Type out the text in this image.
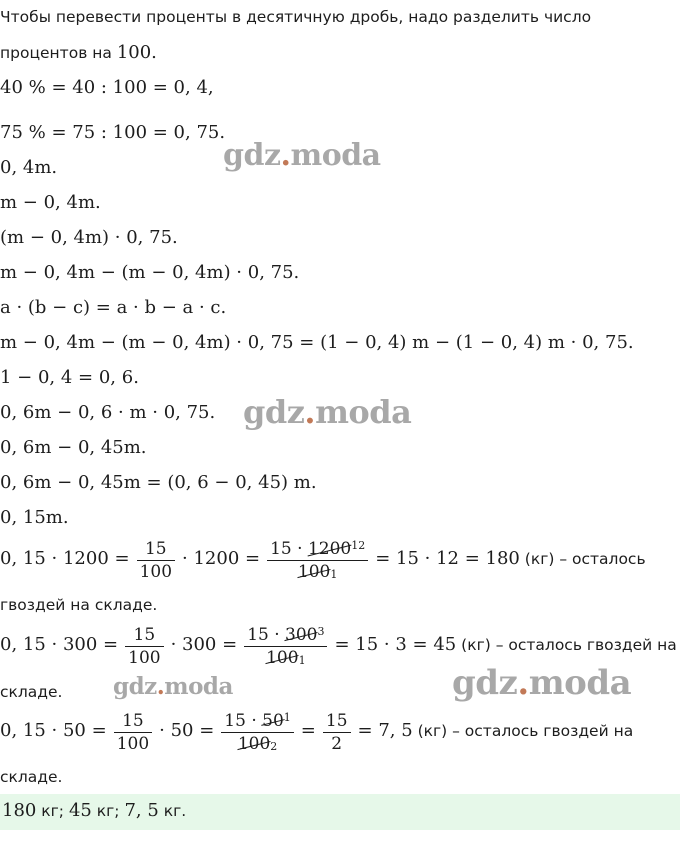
Чтобы перевести проценты в десятичную дробь, надо разделить число
процентов на 100.
40 % = 40 : 100 = 0, 4,
75 % = 75 : 100 = 0, 75.
0, 4m.
m − 0, 4m.
(m − 0, 4m) · 0, 75.
m − 0, 4m − (m − 0, 4m) · 0, 75.
a · (b − c) = a · b − a · c.
m − 0, 4m − (m − 0, 4m) · 0, 75 = (1 − 0, 4) m − (1 − 0, 4) m · 0, 75.
1 − 0, 4 = 0, 6.
0, 6m − 0, 6 · m · 0, 75.
0, 6m − 0, 45m.
0, 6m − 0, 45m = (0, 6 − 0, 45) m.
0, 15m.
0, $15 \cdot 1200 = \frac{15}{100} \cdot 1200 = \frac{15 \cdot 1200^{12}}{100_1} = 15 \cdot 12 = 180$ (кг) – осталось
гвоздей на складе.
0, $15 \cdot 300 = \frac{15}{100} \cdot 300 = \frac{15 \cdot 300^3}{100_1} = 15 \cdot 3 = 45$ (кг) – осталось гвоздей на
складе.
0, $15 \cdot 50 = \frac{15}{100} \cdot 50 = \frac{15 \cdot 50^1}{100_2} = \frac{15}{2} = 7$, 5 (кг) – осталось гвоздей на
складе.
180 кг; 45 кг; 7, 5 кг.
gdz.moda
gdz.moda
gdz.moda	gdz.moda
